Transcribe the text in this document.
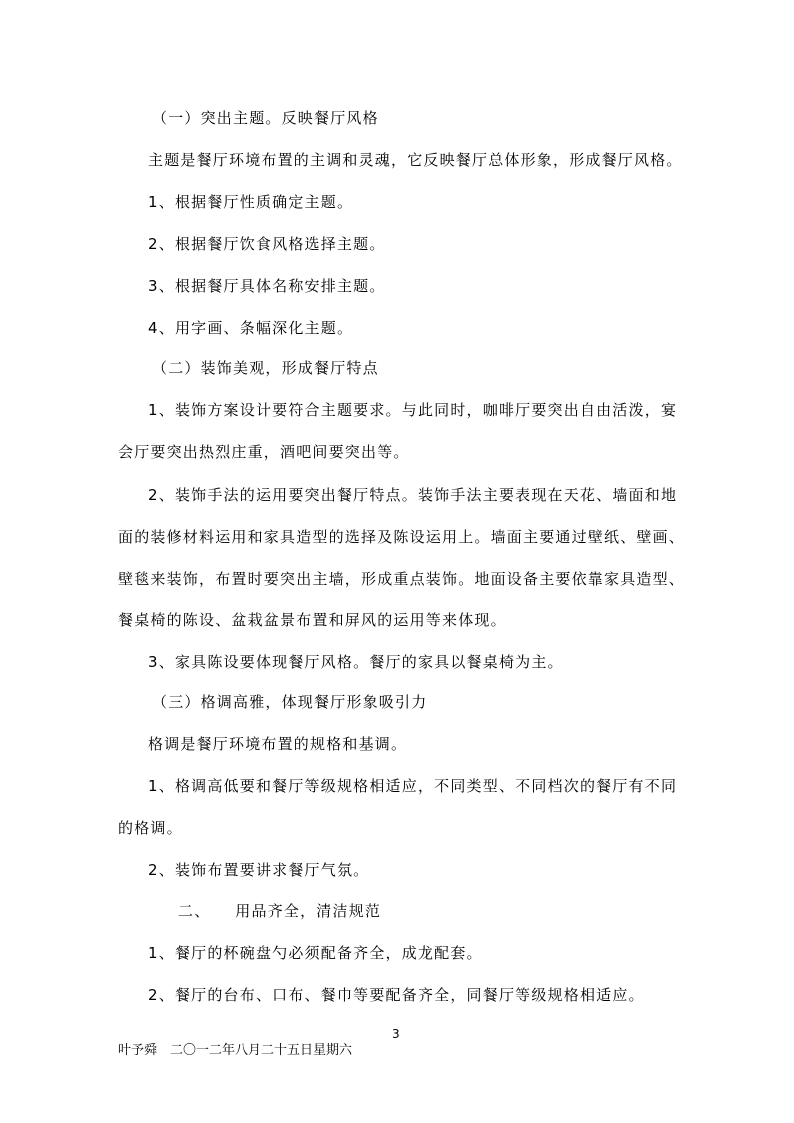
（一）突出主题。反映餐厅风格
主题是餐厅环境布置的主调和灵魂，它反映餐厅总体形象，形成餐厅风格。
1、根据餐厅性质确定主题。
2、根据餐厅饮食风格选择主题。
3、根据餐厅具体名称安排主题。
4、用字画、条幅深化主题。
（二）装饰美观，形成餐厅特点
1、装饰方案设计要符合主题要求。与此同时，咖啡厅要突出自由活泼，宴
会厅要突出热烈庄重，酒吧间要突出等。
2、装饰手法的运用要突出餐厅特点。装饰手法主要表现在天花、墙面和地
面的装修材料运用和家具造型的选择及陈设运用上。墙面主要通过壁纸、壁画、
壁毯来装饰，布置时要突出主墙，形成重点装饰。地面设备主要依靠家具造型、
餐桌椅的陈设、盆栽盆景布置和屏风的运用等来体现。
3、家具陈设要体现餐厅风格。餐厅的家具以餐桌椅为主。
（三）格调高雅，体现餐厅形象吸引力
格调是餐厅环境布置的规格和基调。
1、格调高低要和餐厅等级规格相适应，不同类型、不同档次的餐厅有不同
的格调。
2、装饰布置要讲求餐厅气氛。
二、　　用品齐全，清洁规范
1、餐厅的杯碗盘勺必须配备齐全，成龙配套。
2、餐厅的台布、口布、餐巾等要配备齐全，同餐厅等级规格相适应。
3
叶予舜　二〇一二年八月二十五日星期六
